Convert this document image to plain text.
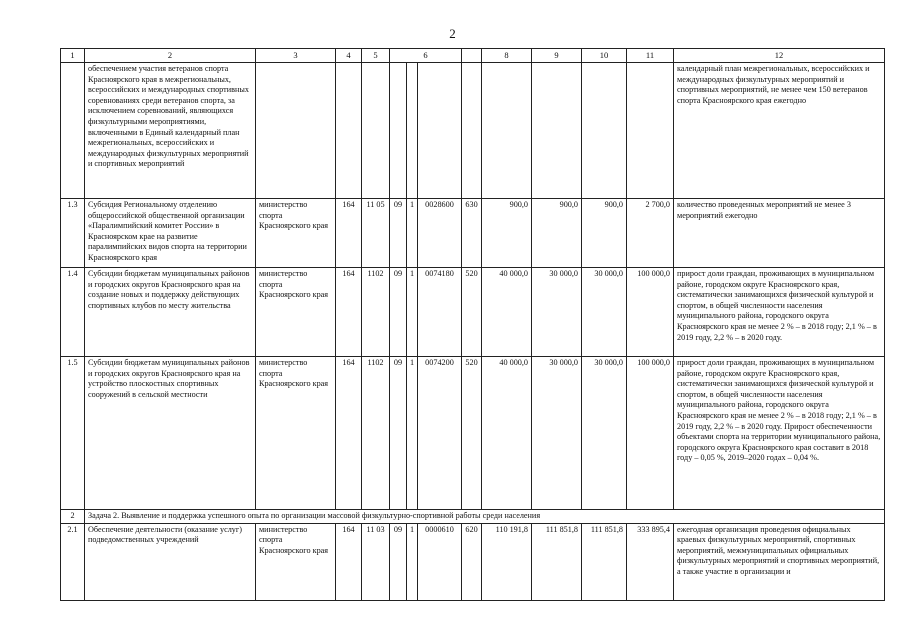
2
1	2	3	4	5	6				8	9	10	11	12
	обеспечением участия ветеранов спорта Красноярского края в межрегиональных, всероссийских и международных спортивных соревнованиях среди ветеранов спорта, за исключением соревнований, являющихся физкультурными мероприятиями, включенными в Единый календарный план межрегиональных, всероссийских и международных физкультурных мероприятий и спортивных мероприятий												календарный план межрегиональных, всероссийских и международных физкультурных мероприятий и спортивных мероприятий, не менее чем 150 ветеранов спорта Красноярского края ежегодно
1.3	Субсидия Региональному отделению общероссийской общественной организации «Паралимпийский комитет России» в Красноярском крае на развитие паралимпийских видов спорта на территории Красноярского края	министерство спорта Красноярского края	164	11 05	09	1	0028600	630	900,0	900,0	900,0	2 700,0	количество проведенных мероприятий не менее 3 мероприятий ежегодно
1.4	Субсидии бюджетам муниципальных районов и городских округов Красноярского края на создание новых и поддержку действующих спортивных клубов по месту жительства	министерство спорта Красноярского края	164	1102	09	1	0074180	520	40 000,0	30 000,0	30 000,0	100 000,0	прирост доли граждан, проживающих в муниципальном районе, городском округе Красноярского края, систематически занимающихся физической культурой и спортом, в общей численности населения муниципального района, городского округа Красноярского края не менее 2 % – в 2018 году; 2,1 % – в 2019 году, 2,2 % – в 2020 году.
1.5	Субсидии бюджетам муниципальных районов и городских округов Красноярского края на устройство плоскостных спортивных сооружений в сельской местности	министерство спорта Красноярского края	164	1102	09	1	0074200	520	40 000,0	30 000,0	30 000,0	100 000,0	прирост доли граждан, проживающих в муниципальном районе, городском округе Красноярского края, систематически занимающихся физической культурой и спортом, в общей численности населения муниципального района, городского округа Красноярского края не менее 2 % – в 2018 году; 2,1 % – в 2019 году, 2,2 % – в 2020 году. Прирост обеспеченности объектами спорта на территории муниципального района, городского округа Красноярского края составит в 2018 году – 0,05 %, 2019–2020 годах – 0,04 %.
2	Задача 2. Выявление и поддержка успешного опыта по организации массовой физкультурно-спортивной работы среди населения												
2.1	Обеспечение деятельности (оказание услуг) подведомственных учреждений	министерство спорта Красноярского края	164	11 03	09	1	0000610	620	110 191,8	111 851,8	111 851,8	333 895,4	ежегодная организация проведения официальных краевых физкультурных мероприятий, спортивных мероприятий, межмуниципальных официальных физкультурных мероприятий и спортивных мероприятий, а также участие в организации и
